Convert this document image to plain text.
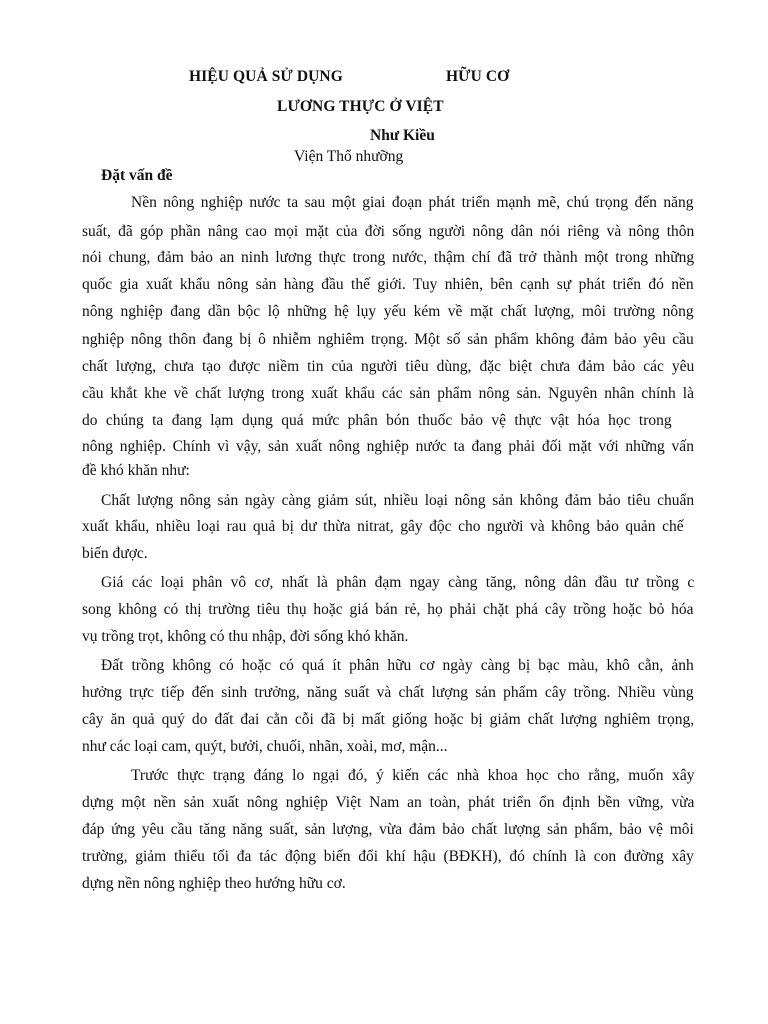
HIỆU QUẢ SỬ DỤNG	HỮU CƠ
LƯƠNG THỰC Ở VIỆT
Như Kiều
Viện Thổ nhưỡng
Đặt vấn đề
Nền nông nghiệp nước ta sau một giai đoạn phát triển mạnh mẽ, chú trọng đến năng
suất, đã góp phần nâng cao mọi mặt của đời sống người nông dân nói riêng và nông thôn
nói chung, đảm bảo an ninh lương thực trong nước, thậm chí đã trở thành một trong những
quốc gia xuất khẩu nông sản hàng đầu thế giới. Tuy nhiên, bên cạnh sự phát triển đó nền
nông nghiệp đang dần bộc lộ những hệ lụy yếu kém về mặt chất lượng, môi trường nông
nghiệp nông thôn đang bị ô nhiễm nghiêm trọng. Một số sản phẩm không đảm bảo yêu cầu
chất lượng, chưa tạo được niềm tin của người tiêu dùng, đặc biệt chưa đảm bảo các yêu
cầu khắt khe về chất lượng trong xuất khẩu các sản phẩm nông sản. Nguyên nhân chính là
do chúng ta đang lạm dụng quá mức phân bón thuốc bảo vệ thực vật hóa học trong
nông nghiệp. Chính vì vậy, sản xuất nông nghiệp nước ta đang phải đối mặt với những vấn
đề khó khăn như:
Chất lượng nông sản ngày càng giảm sút, nhiều loại nông sản không đảm bảo tiêu chuẩn
xuất khẩu, nhiều loại rau quả bị dư thừa nitrat, gây độc cho người và không bảo quản chế
biến được.
Giá các loại phân vô cơ, nhất là phân đạm ngay càng tăng, nông dân đầu tư trồng c
song không có thị trường tiêu thụ hoặc giá bán rẻ, họ phải chặt phá cây trồng hoặc bỏ hóa
vụ trồng trọt, không có thu nhập, đời sống khó khăn.
Đất trồng không có hoặc có quá ít phân hữu cơ ngày càng bị bạc màu, khô cằn, ảnh
hưởng trực tiếp đến sinh trưởng, năng suất và chất lượng sản phẩm cây trồng. Nhiều vùng
cây ăn quả quý do đất đai cằn cỗi đã bị mất giống hoặc bị giảm chất lượng nghiêm trọng,
như các loại cam, quýt, bưởi, chuối, nhãn, xoài, mơ, mận...
Trước thực trạng đáng lo ngại đó, ý kiến các nhà khoa học cho rằng, muốn xây
dựng một nền sản xuất nông nghiệp Việt Nam an toàn, phát triển ổn định bền vững, vừa
đáp ứng yêu cầu tăng năng suất, sản lượng, vừa đảm bảo chất lượng sản phẩm, bảo vệ môi
trường, giảm thiểu tối đa tác động biến đổi khí hậu (BĐKH), đó chính là con đường xây
dựng nền nông nghiệp theo hướng hữu cơ.
